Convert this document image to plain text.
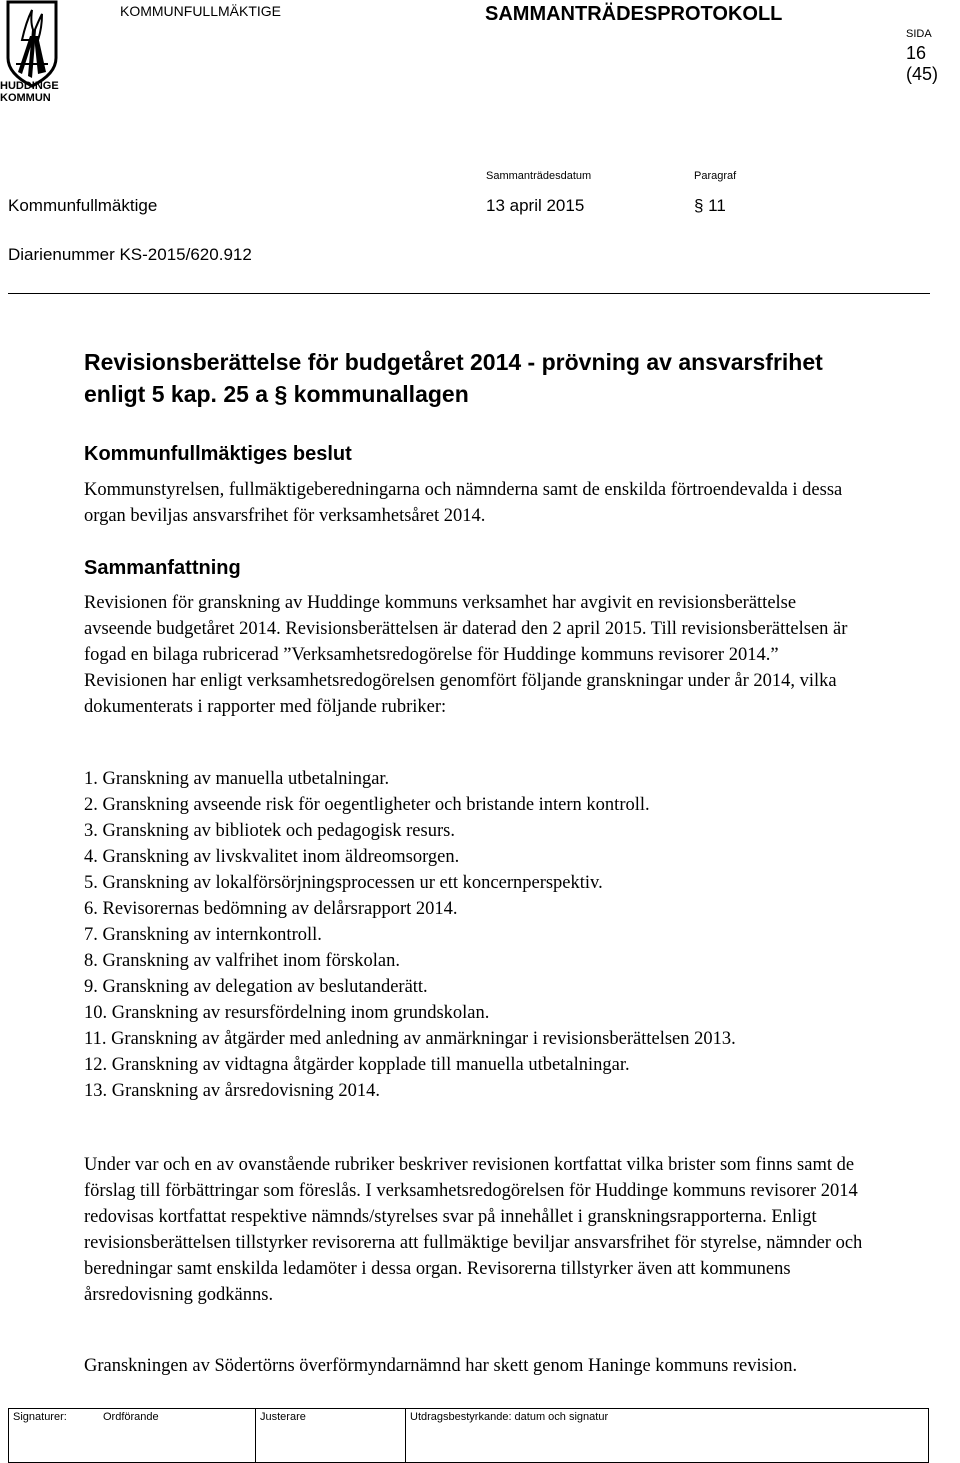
HUDDINGE
KOMMUN
KOMMUNFULLMÄKTIGE	SAMMANTRÄDESPROTOKOLL
SIDA
16 (45)
Sammanträdesdatum	Paragraf
Kommunfullmäktige	13 april 2015	§ 11
Diarienummer KS-2015/620.912
Revisionsberättelse för budgetåret 2014 - prövning av ansvarsfrihet enligt 5 kap. 25 a § kommunallagen
Kommunfullmäktiges beslut

Kommunstyrelsen, fullmäktigeberedningarna och nämnderna samt de enskilda förtroendevalda i dessa organ beviljas ansvarsfrihet för verksamhetsåret 2014.

Sammanfattning

Revisionen för granskning av Huddinge kommuns verksamhet har avgivit en revisionsberättelse avseende budgetåret 2014. Revisionsberättelsen är daterad den 2 april 2015. Till revisionsberättelsen är fogad en bilaga rubricerad ”Verksamhetsredogörelse för Huddinge kommuns revisorer 2014.” Revisionen har enligt verksamhetsredogörelsen genomfört följande granskningar under år 2014, vilka dokumenterats i rapporter med följande rubriker:

1. Granskning av manuella utbetalningar.
2. Granskning avseende risk för oegentligheter och bristande intern kontroll.
3. Granskning av bibliotek och pedagogisk resurs.
4. Granskning av livskvalitet inom äldreomsorgen.
5. Granskning av lokalförsörjningsprocessen ur ett koncernperspektiv.
6. Revisorernas bedömning av delårsrapport 2014.
7. Granskning av internkontroll.
8. Granskning av valfrihet inom förskolan.
9. Granskning av delegation av beslutanderätt.
10. Granskning av resursfördelning inom grundskolan.
11. Granskning av åtgärder med anledning av anmärkningar i revisionsberättelsen 2013.
12. Granskning av vidtagna åtgärder kopplade till manuella utbetalningar.
13. Granskning av årsredovisning 2014.

Under var och en av ovanstående rubriker beskriver revisionen kortfattat vilka brister som finns samt de förslag till förbättringar som föreslås. I verksamhetsredogörelsen för Huddinge kommuns revisorer 2014 redovisas kortfattat respektive nämnds/styrelses svar på innehållet i granskningsrapporterna. Enligt revisionsberättelsen tillstyrker revisorerna att fullmäktige beviljar ansvarsfrihet för styrelse, nämnder och beredningar samt enskilda ledamöter i dessa organ. Revisorerna tillstyrker även att kommunens årsredovisning godkänns.

Granskningen av Södertörns överförmyndarnämnd har skett genom Haninge kommuns revision.

Signaturer:	Ordförande	Justerare	Utdragsbestyrkande: datum och signatur
